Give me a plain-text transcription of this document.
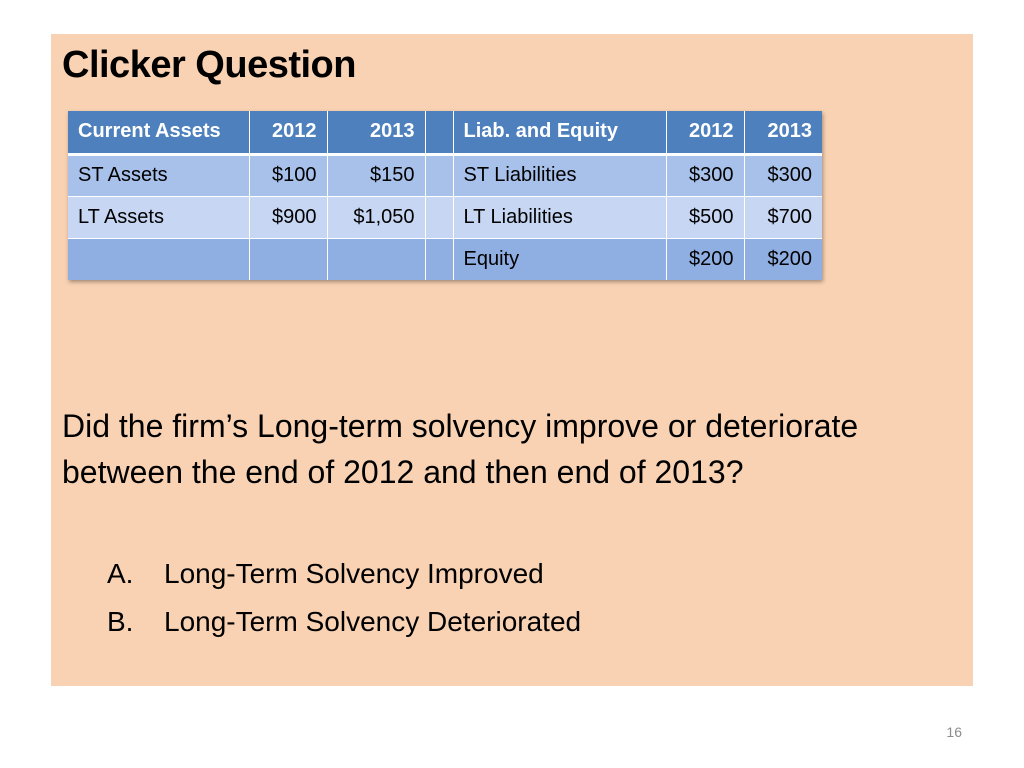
Clicker Question
Current Assets	2012	2013		Liab. and Equity	2012	2013
ST Assets	$100	$150		ST Liabilities	$300	$300
LT Assets	$900	$1,050		LT Liabilities	$500	$700
				Equity	$200	$200

Did the firm’s Long-term solvency improve or deteriorate between the end of 2012 and then end of 2013?

A.	Long-Term Solvency Improved
B.	Long-Term Solvency Deteriorated
16
